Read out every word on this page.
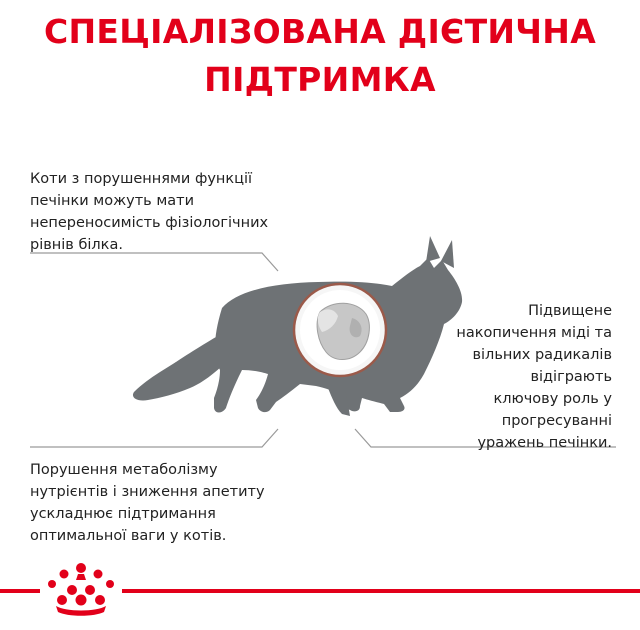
СПЕЦІАЛІЗОВАНА ДІЄТИЧНА
ПІДТРИМКА
Коти з порушеннями функції
печінки можуть мати
непереносимість фізіологічних
рівнів білка.
Підвищене
накопичення міді та
вільних радикалів
відіграють
ключову роль у
прогресуванні
уражень печінки.
Порушення метаболізму
нутрієнтів і зниження апетиту
ускладнює підтримання
оптимальної ваги у котів.
